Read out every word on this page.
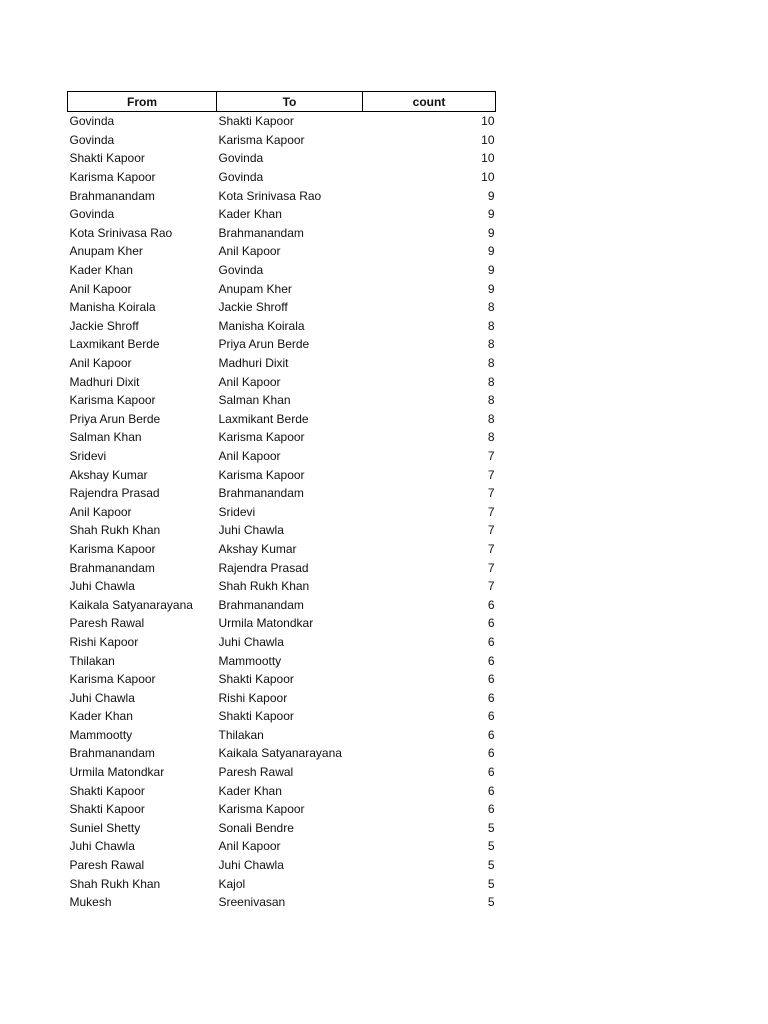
From	To	count
Govinda	Shakti Kapoor	10
Govinda	Karisma Kapoor	10
Shakti Kapoor	Govinda	10
Karisma Kapoor	Govinda	10
Brahmanandam	Kota Srinivasa Rao	9
Govinda	Kader Khan	9
Kota Srinivasa Rao	Brahmanandam	9
Anupam Kher	Anil Kapoor	9
Kader Khan	Govinda	9
Anil Kapoor	Anupam Kher	9
Manisha Koirala	Jackie Shroff	8
Jackie Shroff	Manisha Koirala	8
Laxmikant Berde	Priya Arun Berde	8
Anil Kapoor	Madhuri Dixit	8
Madhuri Dixit	Anil Kapoor	8
Karisma Kapoor	Salman Khan	8
Priya Arun Berde	Laxmikant Berde	8
Salman Khan	Karisma Kapoor	8
Sridevi	Anil Kapoor	7
Akshay Kumar	Karisma Kapoor	7
Rajendra Prasad	Brahmanandam	7
Anil Kapoor	Sridevi	7
Shah Rukh Khan	Juhi Chawla	7
Karisma Kapoor	Akshay Kumar	7
Brahmanandam	Rajendra Prasad	7
Juhi Chawla	Shah Rukh Khan	7
Kaikala Satyanarayana	Brahmanandam	6
Paresh Rawal	Urmila Matondkar	6
Rishi Kapoor	Juhi Chawla	6
Thilakan	Mammootty	6
Karisma Kapoor	Shakti Kapoor	6
Juhi Chawla	Rishi Kapoor	6
Kader Khan	Shakti Kapoor	6
Mammootty	Thilakan	6
Brahmanandam	Kaikala Satyanarayana	6
Urmila Matondkar	Paresh Rawal	6
Shakti Kapoor	Kader Khan	6
Shakti Kapoor	Karisma Kapoor	6
Suniel Shetty	Sonali Bendre	5
Juhi Chawla	Anil Kapoor	5
Paresh Rawal	Juhi Chawla	5
Shah Rukh Khan	Kajol	5
Mukesh	Sreenivasan	5
